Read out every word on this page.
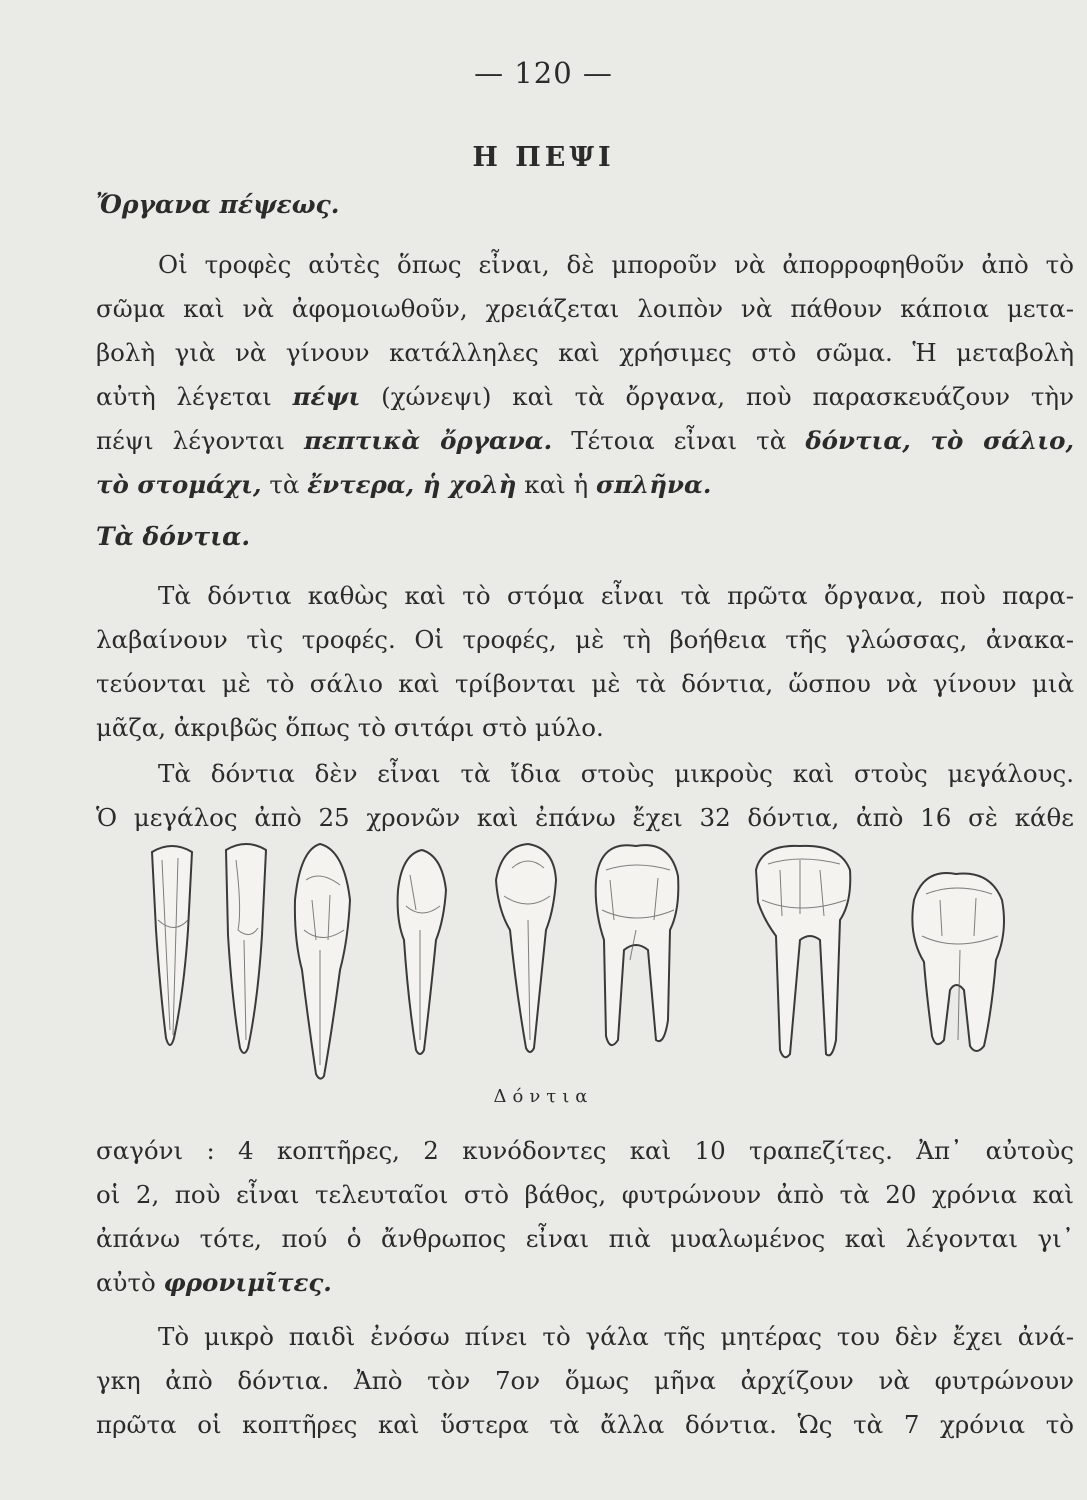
— 120 —
Η ΠΕΨΙ
Ὄργανα πέψεως.
Οἱ τροφὲς αὐτὲς ὅπως εἶναι, δὲ μποροῦν νὰ ἀπορροφηθοῦν ἀπὸ τὸ
σῶμα καὶ νὰ ἀφομοιωθοῦν, χρειάζεται λοιπὸν νὰ πάθουν κάποια μετα-
βολὴ γιὰ νὰ γίνουν κατάλληλες καὶ χρήσιμες στὸ σῶμα. Ἡ μεταβολὴ
αὐτὴ λέγεται πέψι (χώνεψι) καὶ τὰ ὄργανα, ποὺ παρασκευάζουν τὴν
πέψι λέγονται πεπτικὰ ὄργανα. Τέτοια εἶναι τὰ δόντια, τὸ σάλιο,
τὸ στομάχι, τὰ ἔντερα, ἡ χολὴ καὶ ἡ σπλῆνα.
Τὰ δόντια.
Τὰ δόντια καθὼς καὶ τὸ στόμα εἶναι τὰ πρῶτα ὄργανα, ποὺ παρα-
λαβαίνουν τὶς τροφές. Οἱ τροφές, μὲ τὴ βοήθεια τῆς γλώσσας, ἀνακα-
τεύονται μὲ τὸ σάλιο καὶ τρίβονται μὲ τὰ δόντια, ὥσπου νὰ γίνουν μιὰ
μᾶζα, ἀκριβῶς ὅπως τὸ σιτάρι στὸ μύλο.
Τὰ δόντια δὲν εἶναι τὰ ἴδια στοὺς μικροὺς καὶ στοὺς μεγάλους.
Ὁ μεγάλος ἀπὸ 25 χρονῶν καὶ ἐπάνω ἔχει 32 δόντια, ἀπὸ 16 σὲ κάθε
Δόντια
σαγόνι : 4 κοπτῆρες, 2 κυνόδοντες καὶ 10 τραπεζίτες. Ἀπ᾽ αὐτοὺς
οἱ 2, ποὺ εἶναι τελευταῖοι στὸ βάθος, φυτρώνουν ἀπὸ τὰ 20 χρόνια καὶ
ἀπάνω τότε, πού ὁ ἄνθρωπος εἶναι πιὰ μυαλωμένος καὶ λέγονται γι᾽
αὐτὸ φρονιμῖτες.
Τὸ μικρὸ παιδὶ ἐνόσω πίνει τὸ γάλα τῆς μητέρας του δὲν ἔχει ἀνά-
γκη ἀπὸ δόντια. Ἀπὸ τὸν 7ον ὅμως μῆνα ἀρχίζουν νὰ φυτρώνουν
πρῶτα οἱ κοπτῆρες καὶ ὕστερα τὰ ἄλλα δόντια. Ὡς τὰ 7 χρόνια τὸ
